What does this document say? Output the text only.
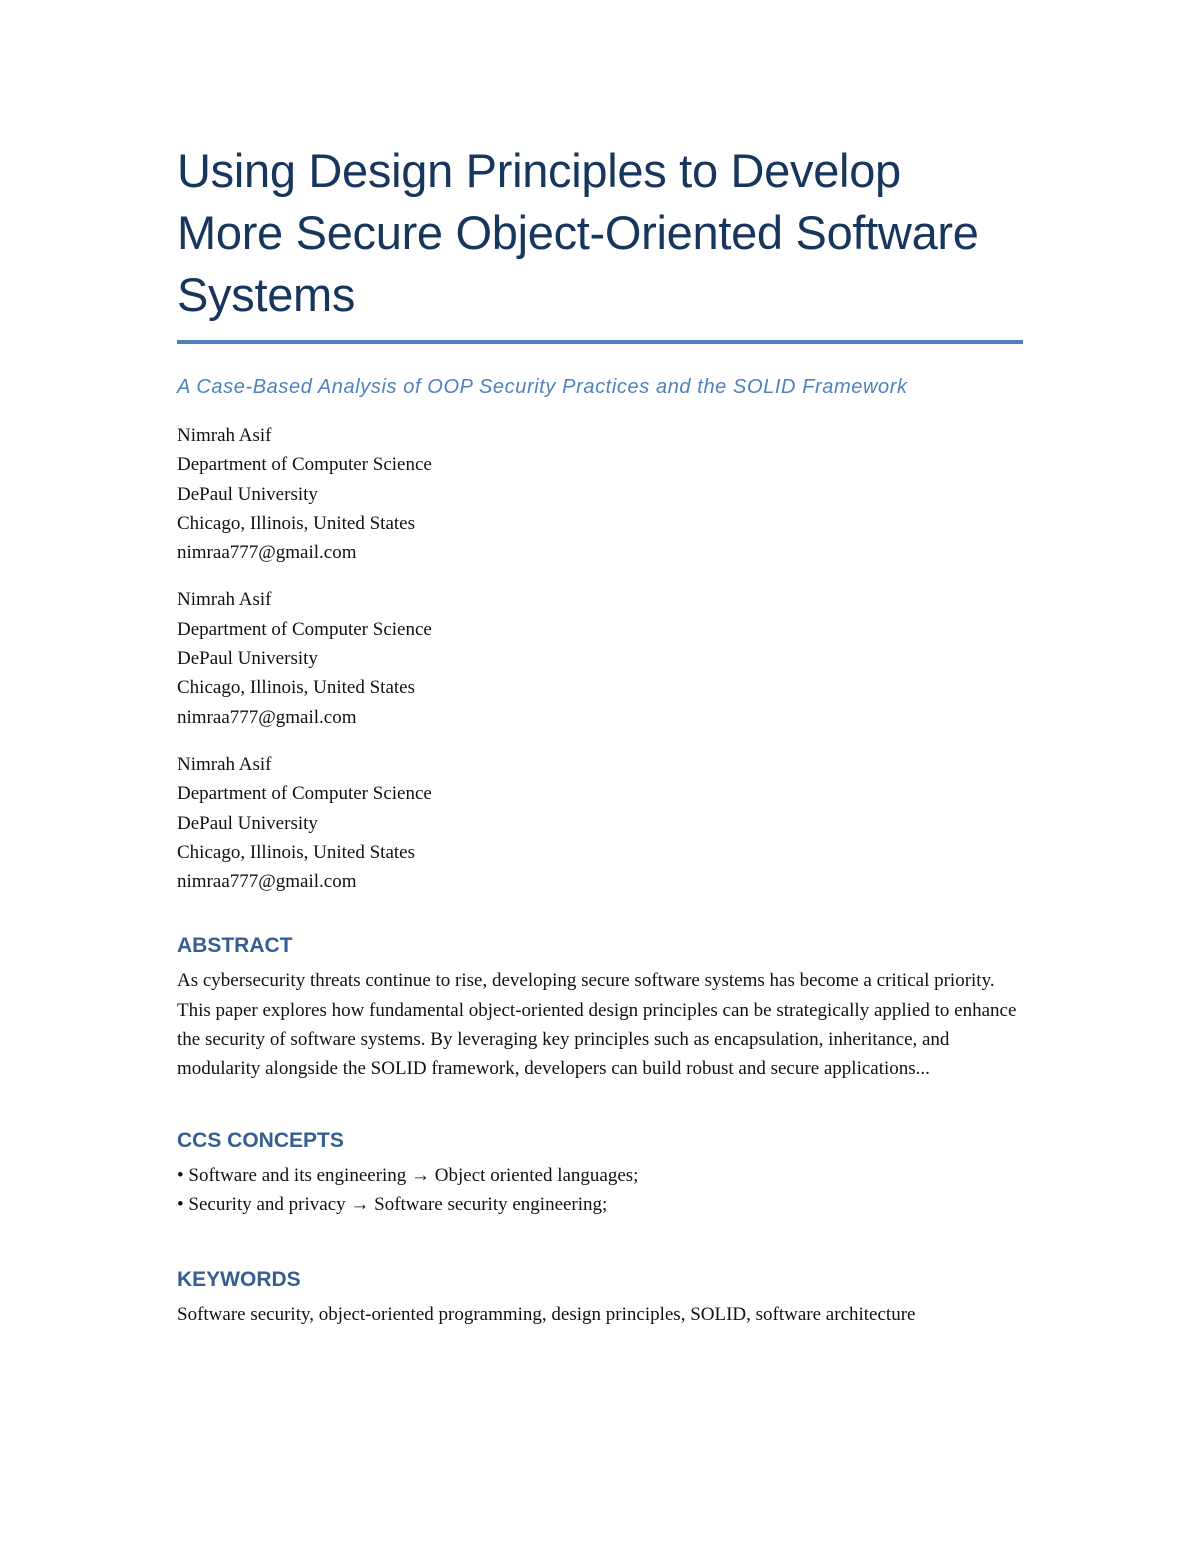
Using Design Principles to Develop
More Secure Object-Oriented Software
Systems
A Case-Based Analysis of OOP Security Practices and the SOLID Framework
Nimrah Asif
Department of Computer Science
DePaul University
Chicago, Illinois, United States
nimraa777@gmail.com
Nimrah Asif
Department of Computer Science
DePaul University
Chicago, Illinois, United States
nimraa777@gmail.com
Nimrah Asif
Department of Computer Science
DePaul University
Chicago, Illinois, United States
nimraa777@gmail.com
ABSTRACT
As cybersecurity threats continue to rise, developing secure software systems has become a critical priority. This paper explores how fundamental object-oriented design principles can be strategically applied to enhance the security of software systems. By leveraging key principles such as encapsulation, inheritance, and modularity alongside the SOLID framework, developers can build robust and secure applications...
CCS CONCEPTS
• Software and its engineering → Object oriented languages;
• Security and privacy → Software security engineering;
KEYWORDS
Software security, object-oriented programming, design principles, SOLID, software architecture
